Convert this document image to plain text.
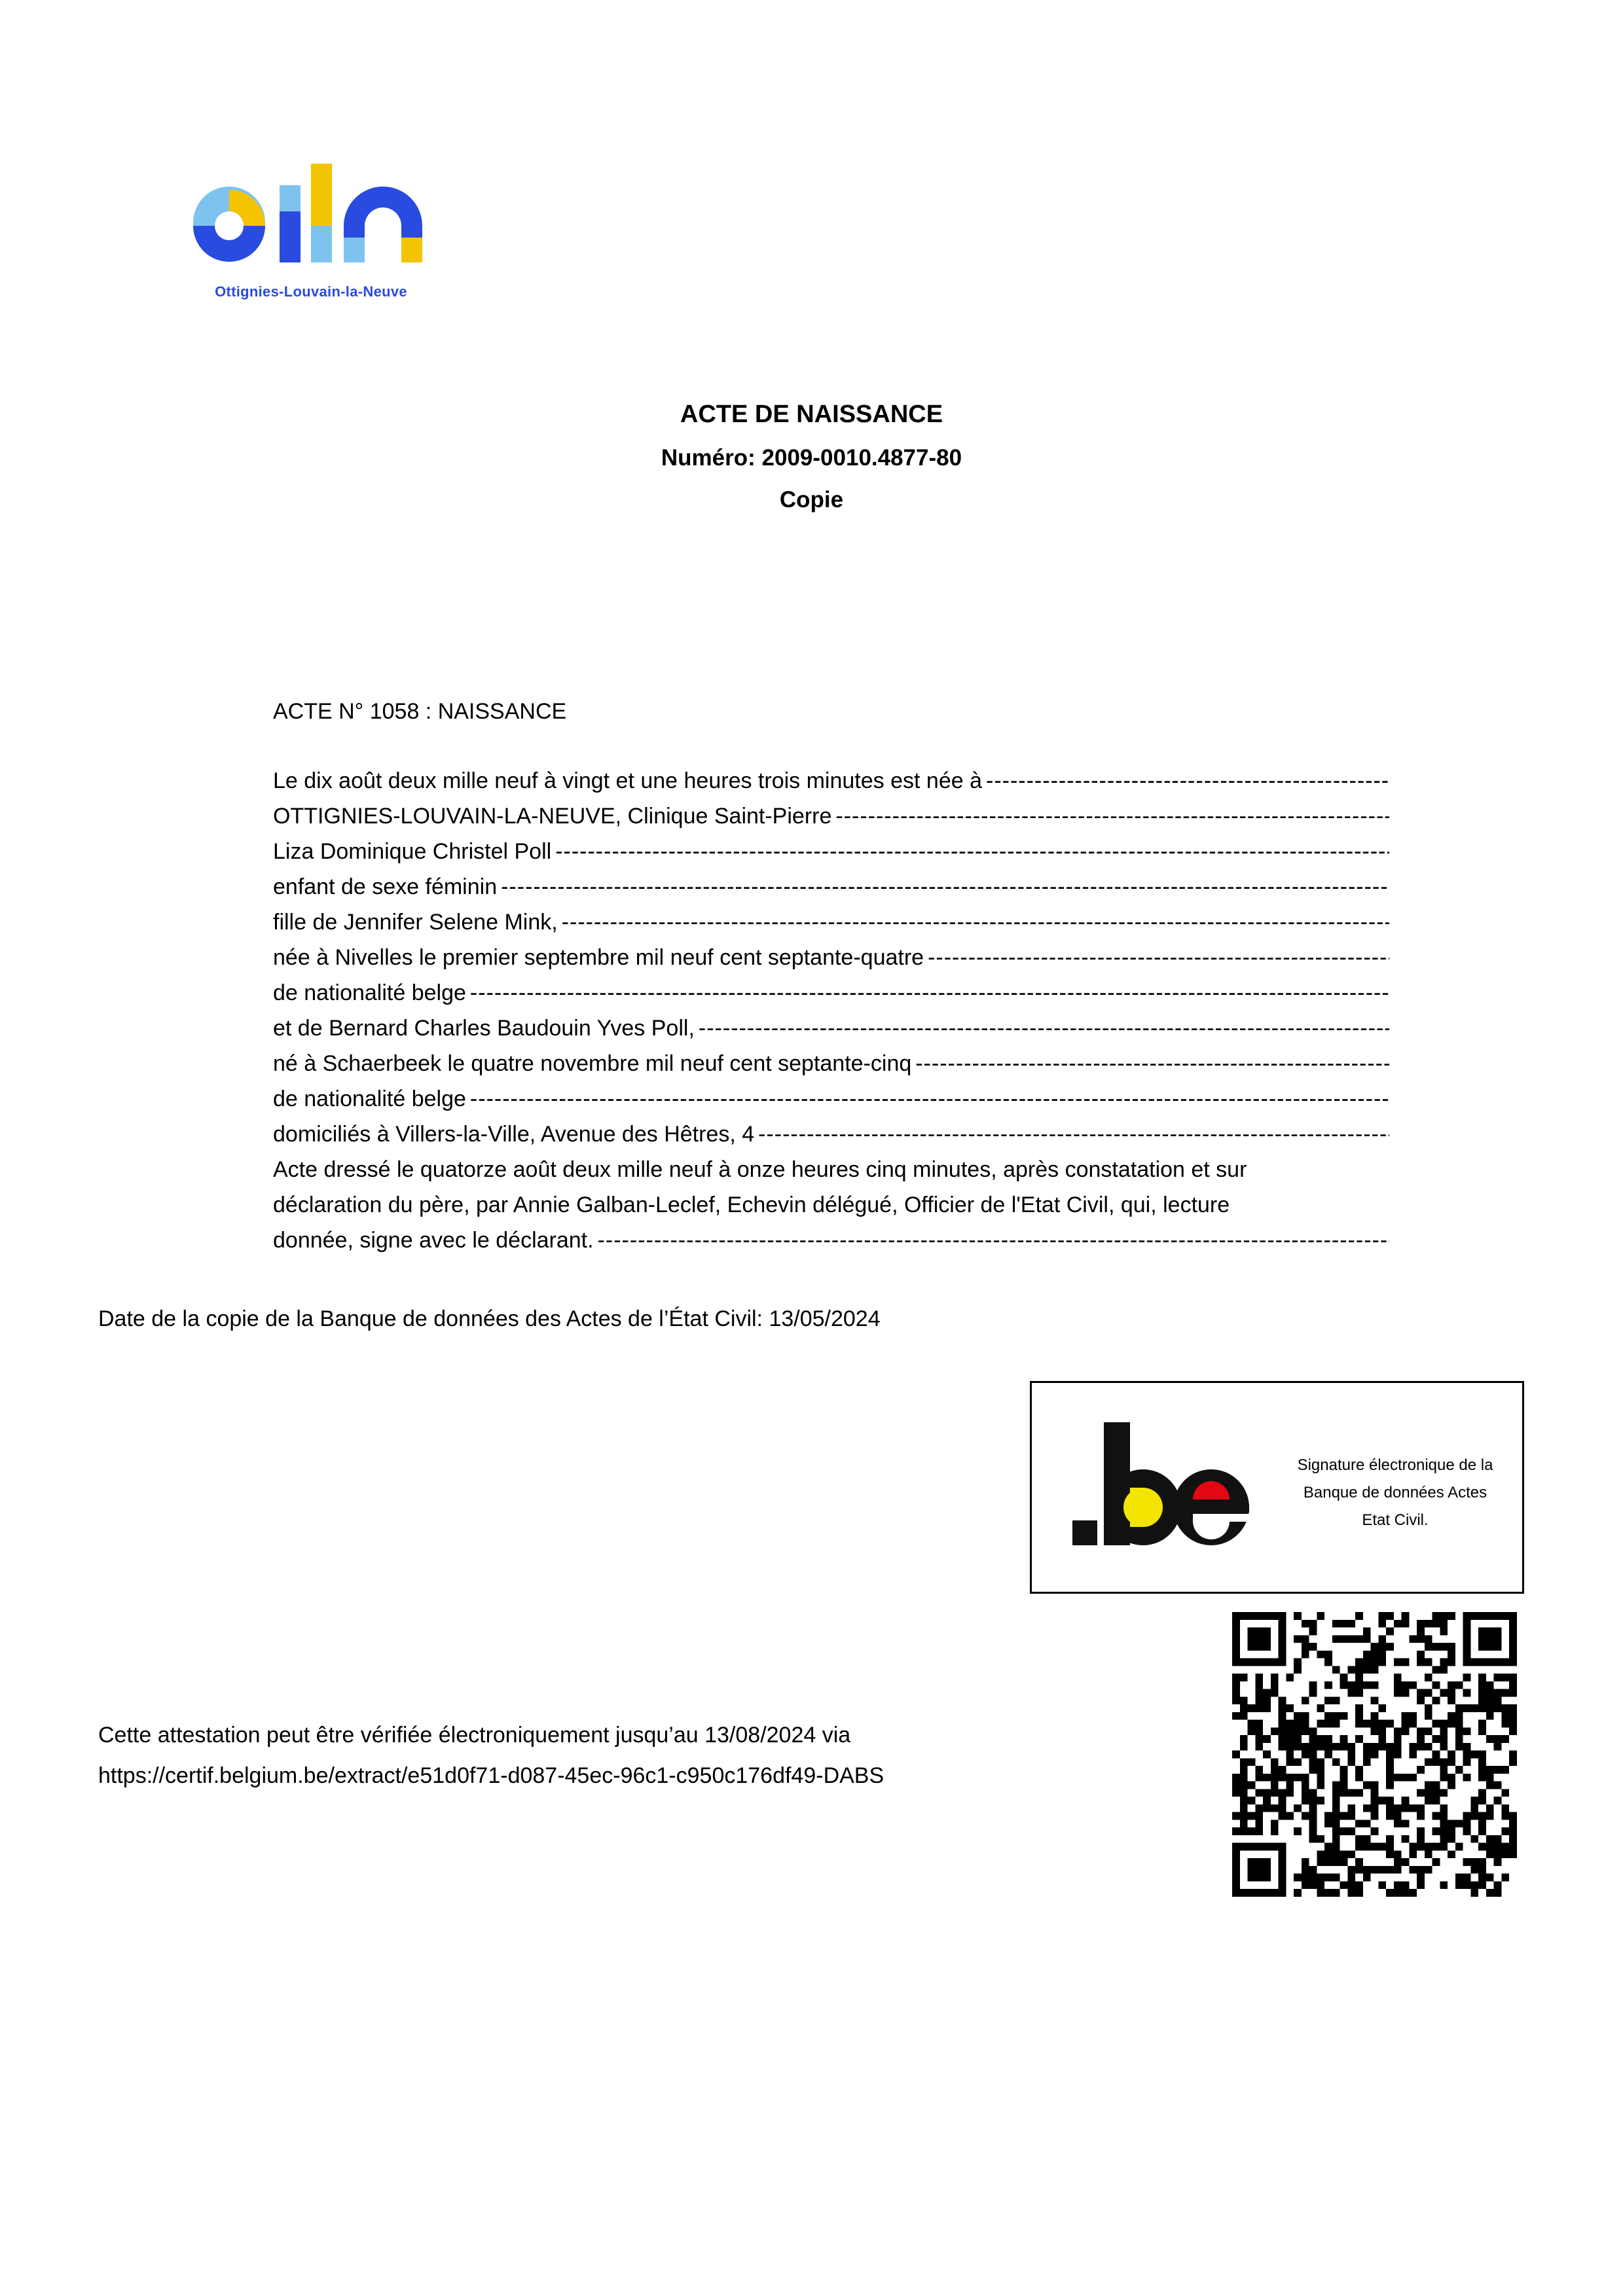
Ottignies-Louvain-la-Neuve
ACTE DE NAISSANCE
Numéro: 2009-0010.4877-80
Copie
ACTE N° 1058 : NAISSANCE
Le dix août deux mille neuf à vingt et une heures trois minutes est née à
-----
OTTIGNIES-LOUVAIN-LA-NEUVE, Clinique Saint-Pierre
-----
Liza Dominique Christel Poll
-----
enfant de sexe féminin
-----
fille de Jennifer Selene Mink,
-----
née à Nivelles le premier septembre mil neuf cent septante-quatre
-----
de nationalité belge
-----
et de Bernard Charles Baudouin Yves Poll,
-----
né à Schaerbeek le quatre novembre mil neuf cent septante-cinq
-----
de nationalité belge
-----
domiciliés à Villers-la-Ville, Avenue des Hêtres, 4
-----
Acte dressé le quatorze août deux mille neuf à onze heures cinq minutes, après constatation et sur
déclaration du père, par Annie Galban-Leclef, Echevin délégué, Officier de l'Etat Civil, qui, lecture
donnée, signe avec le déclarant.
-----
Date de la copie de la Banque de données des Actes de l’État Civil: 13/05/2024
Signature électronique de la
Banque de données Actes
Etat Civil.
Cette attestation peut être vérifiée électroniquement jusqu’au 13/08/2024 via
https://certif.belgium.be/extract/e51d0f71-d087-45ec-96c1-c950c176df49-DABS
